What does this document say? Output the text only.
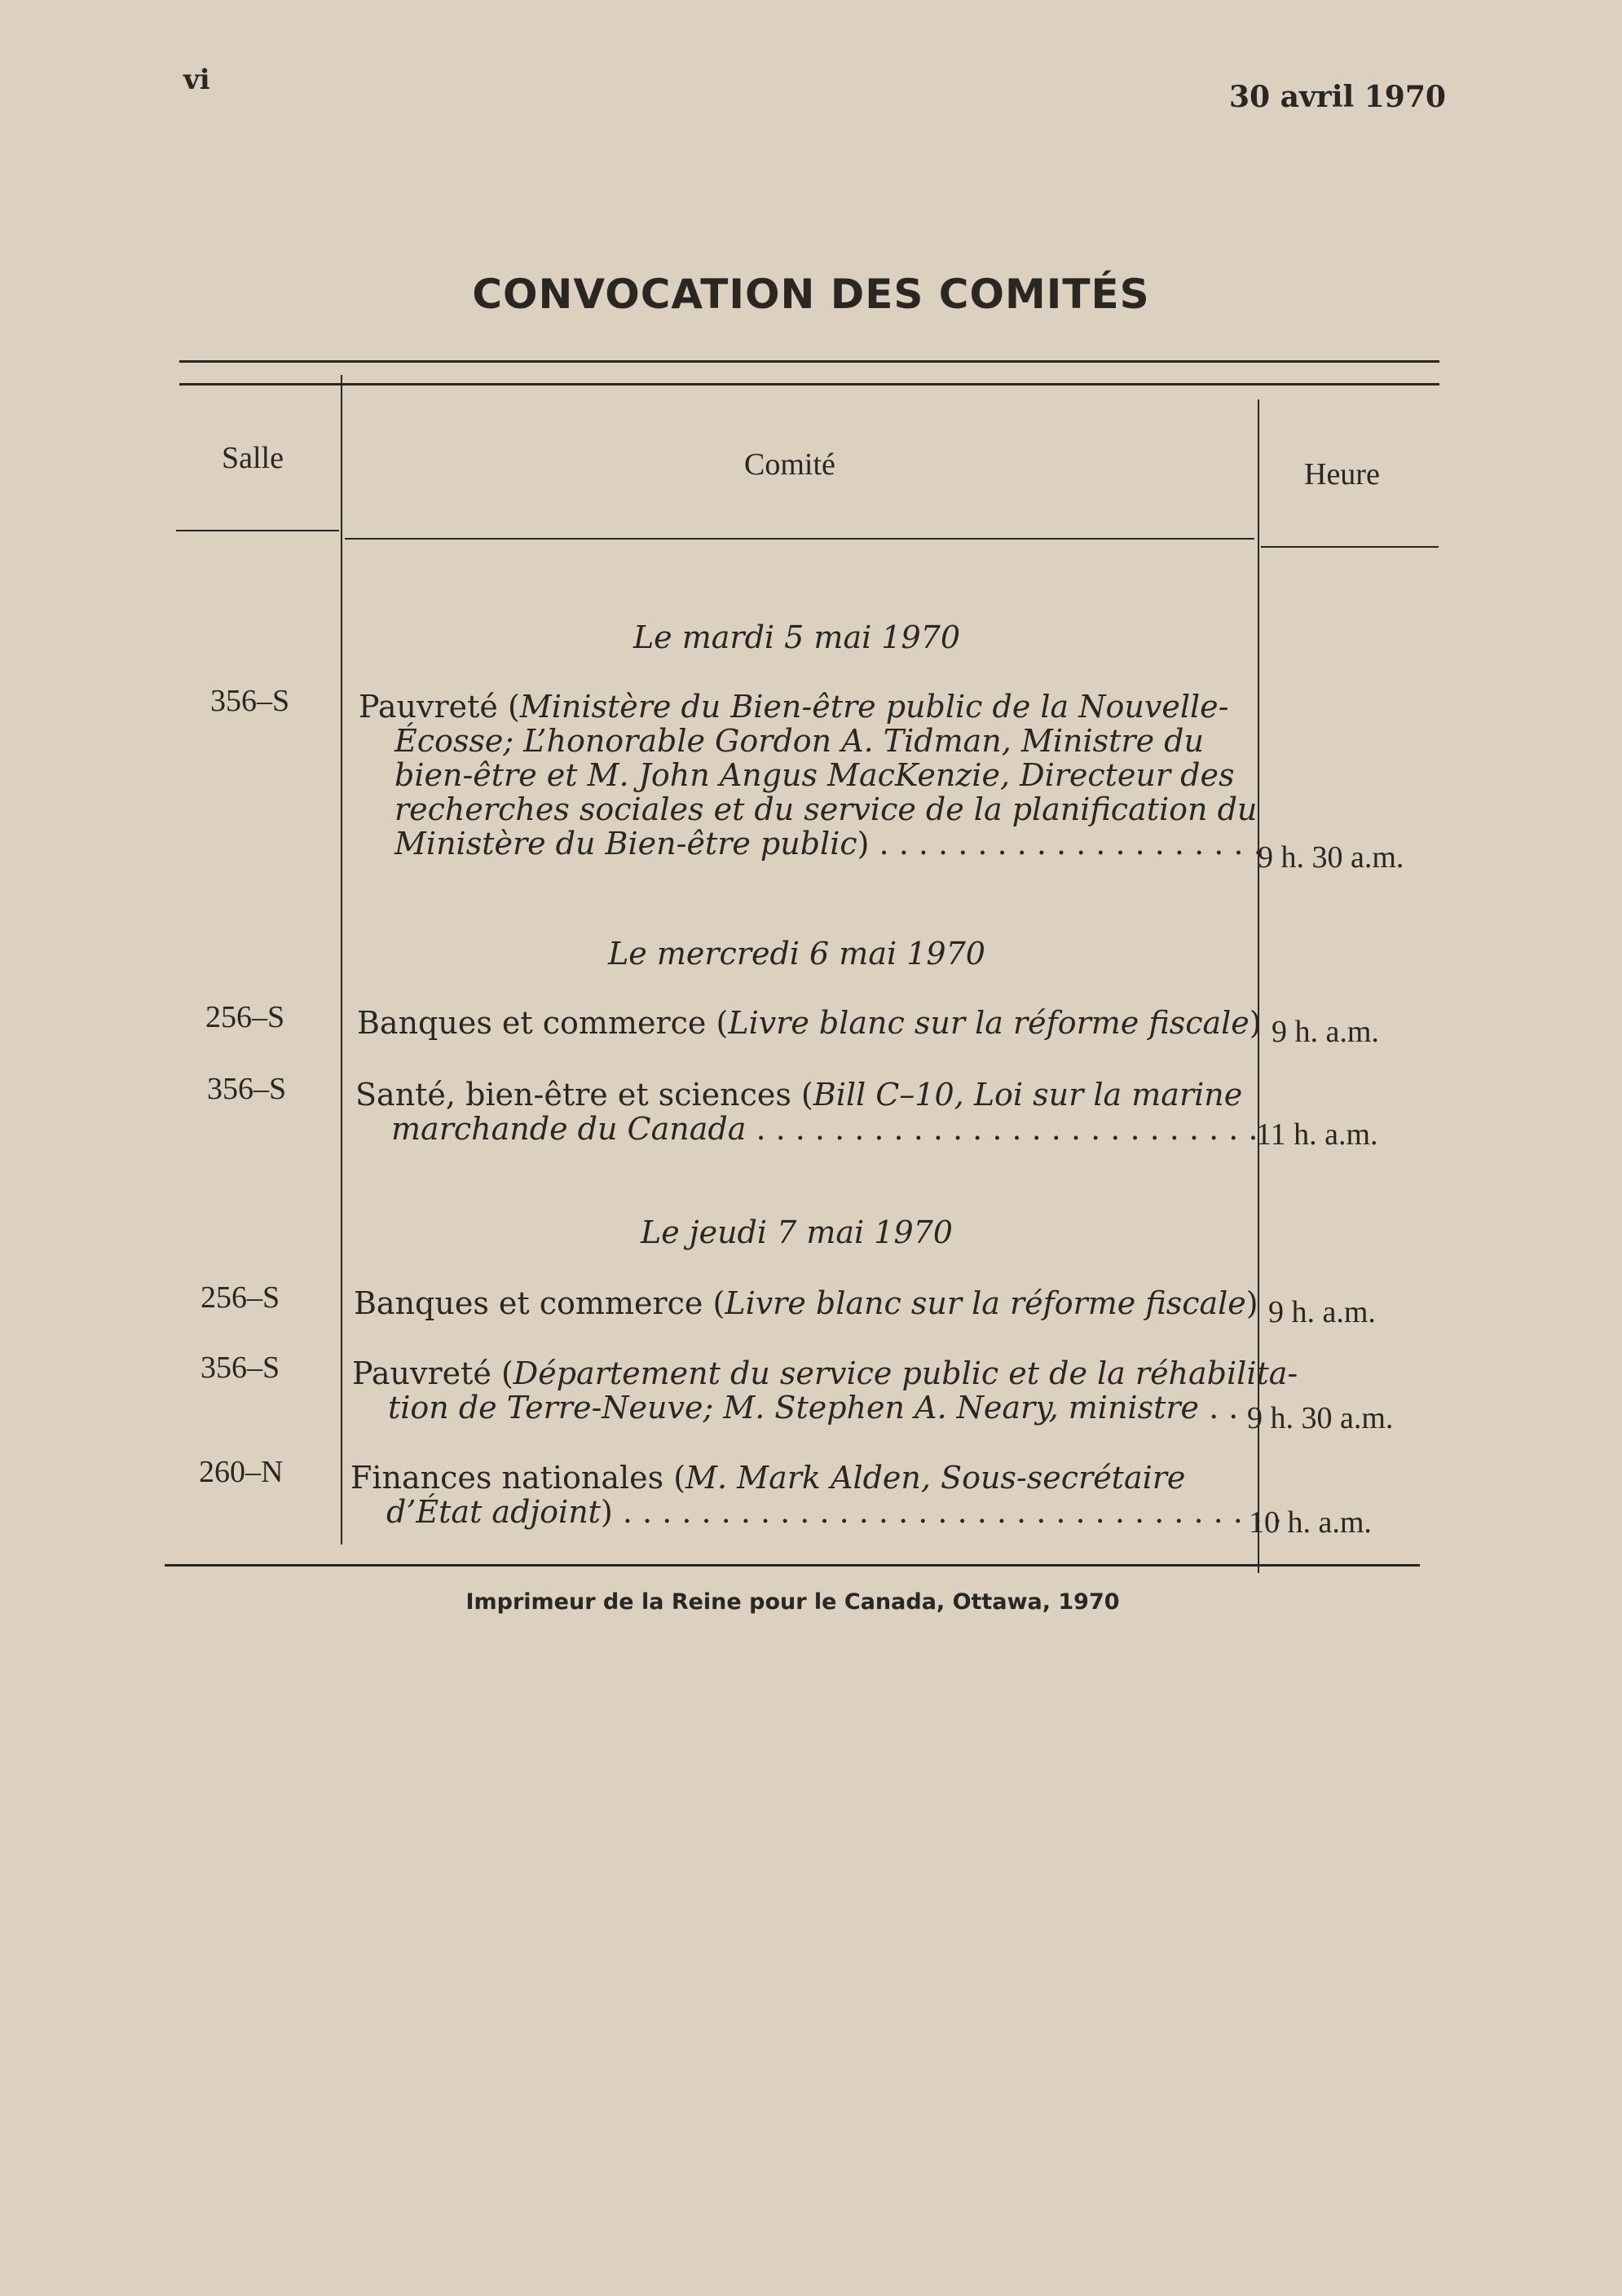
vi	30 avril 1970
CONVOCATION DES COMITÉS
Salle	Comité	Heure
Le mardi 5 mai 1970
356–S Pauvreté (Ministère du Bien-être public de la Nouvelle-
Écosse; L’honorable Gordon A. Tidman, Ministre du
bien-être et M. John Angus MacKenzie, Directeur des
recherches sociales et du service de la planification du
Ministère du Bien-être public) . . . . . . . . . . . . . . . . . . . .
9 h. 30 a.m.
Le mercredi 6 mai 1970
256–S Banques et commerce (Livre blanc sur la réforme fiscale) 9 h. a.m.
356–S Santé, bien-être et sciences (Bill C–10, Loi sur la marine
marchande du Canada . . . . . . . . . . . . . . . . . . . . . . . . . .
11 h. a.m.
Le jeudi 7 mai 1970
256–S Banques et commerce (Livre blanc sur la réforme fiscale) 9 h. a.m.
356–S Pauvreté (Département du service public et de la réhabilita-
tion de Terre-Neuve; M. Stephen A. Neary, ministre . . 9 h. 30 a.m.
260–N Finances nationales (M. Mark Alden, Sous-secrétaire
d’État adjoint) . . . . . . . . . . . . . . . . . . . . . . . . . . . . . . . . . .
10 h. a.m.
Imprimeur de la Reine pour le Canada, Ottawa, 1970
